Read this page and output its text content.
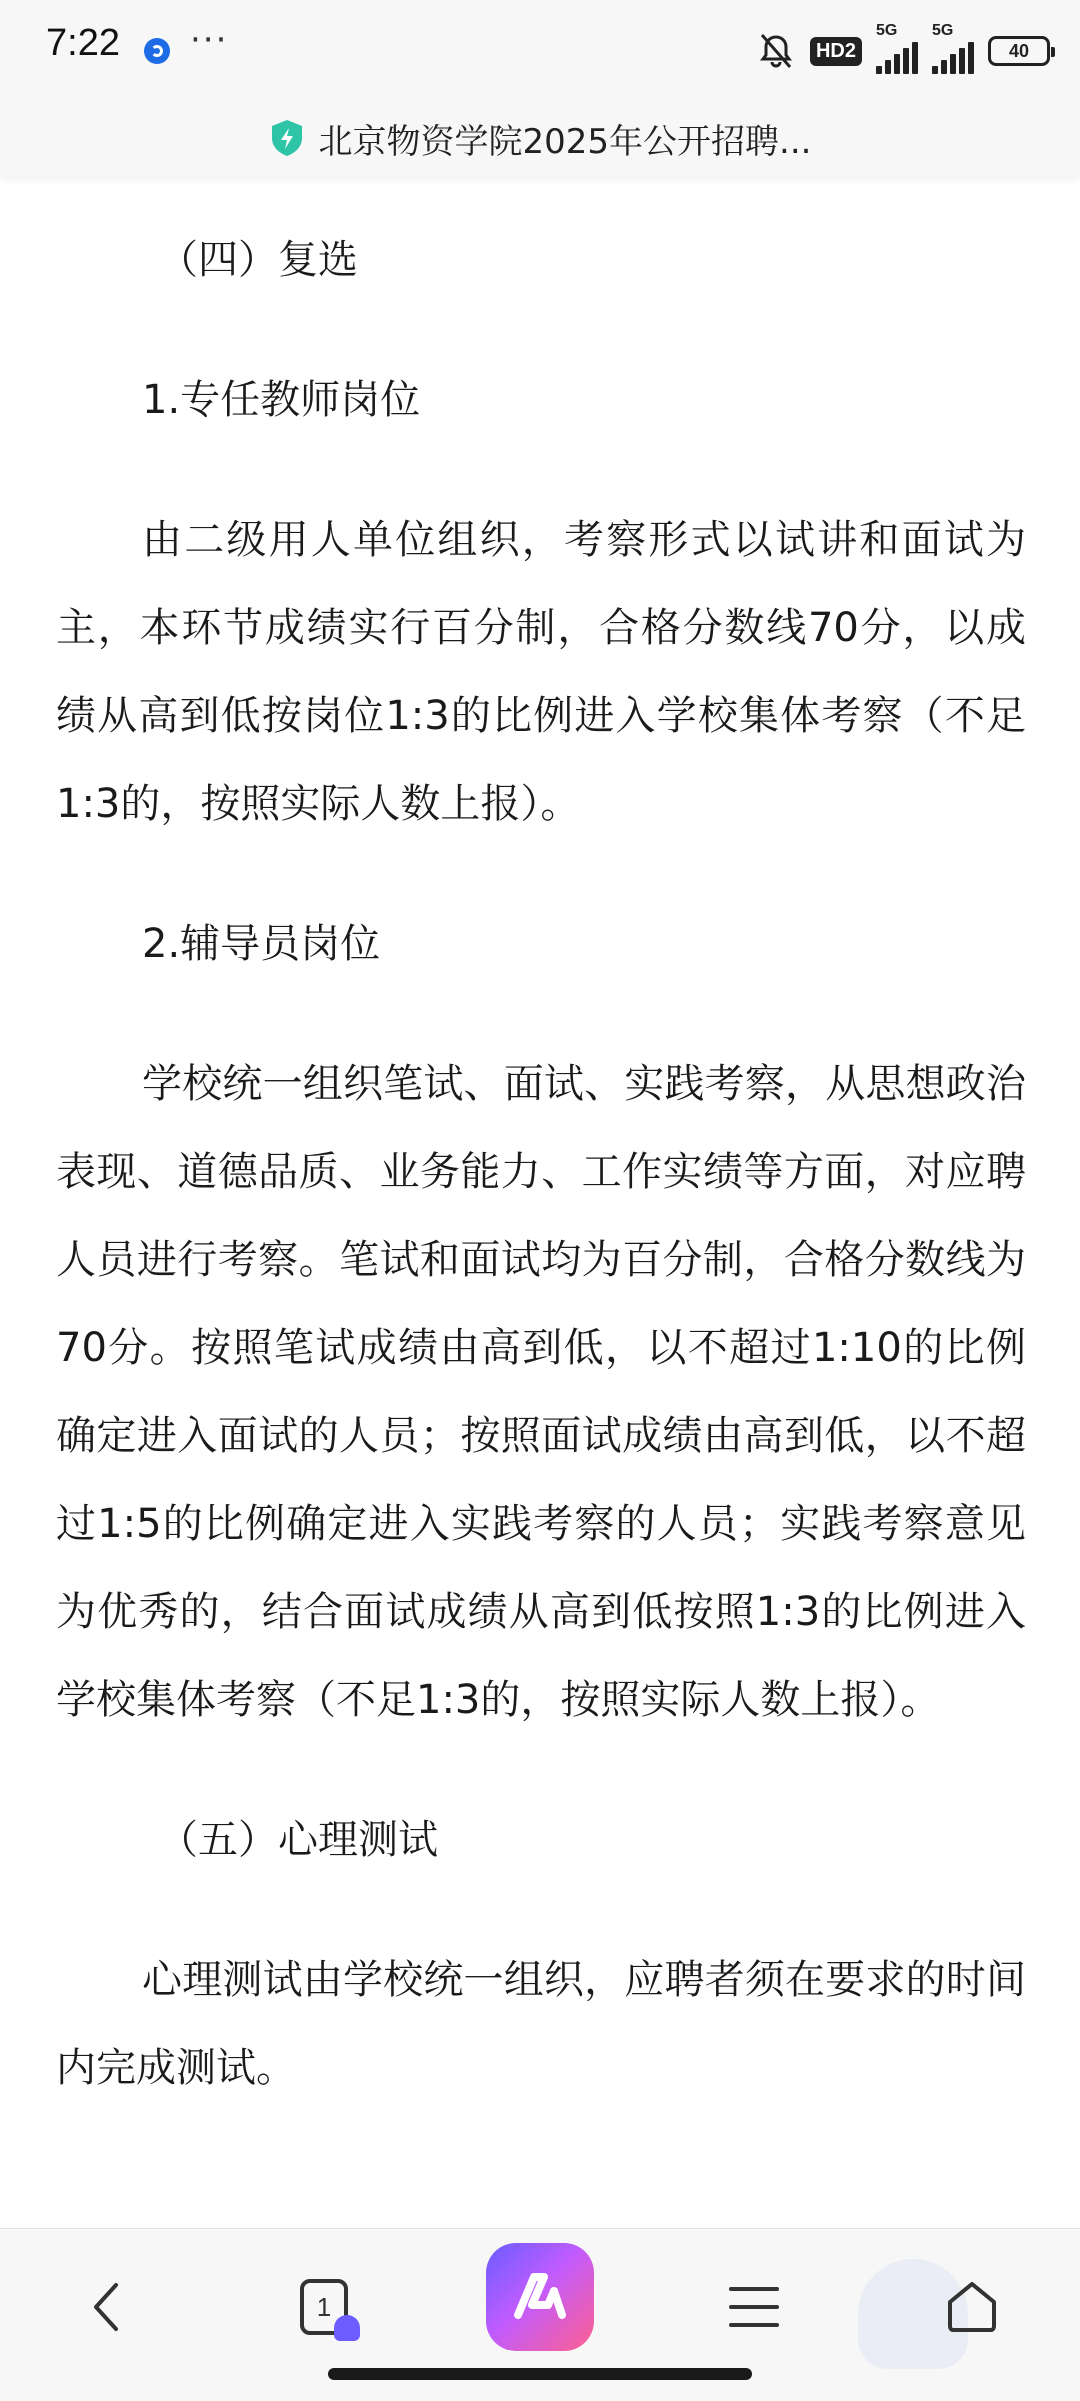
7:22 ···	HD2
5G 5G
40
北京物资学院2025年公开招聘...

（四）复选

1.专任教师岗位

由二级用人单位组织，考察形式以试讲和面试为主，本环节成绩实行百分制，合格分数线70分，以成绩从高到低按岗位1:3的比例进入学校集体考察（不足1:3的，按照实际人数上报）。

2.辅导员岗位

学校统一组织笔试、面试、实践考察，从思想政治表现、道德品质、业务能力、工作实绩等方面，对应聘人员进行考察。笔试和面试均为百分制，合格分数线为70分。按照笔试成绩由高到低，以不超过1:10的比例确定进入面试的人员；按照面试成绩由高到低，以不超过1:5的比例确定进入实践考察的人员；实践考察意见为优秀的，结合面试成绩从高到低按照1:3的比例进入学校集体考察（不足1:3的，按照实际人数上报）。

（五）心理测试

心理测试由学校统一组织，应聘者须在要求的时间内完成测试。

1
